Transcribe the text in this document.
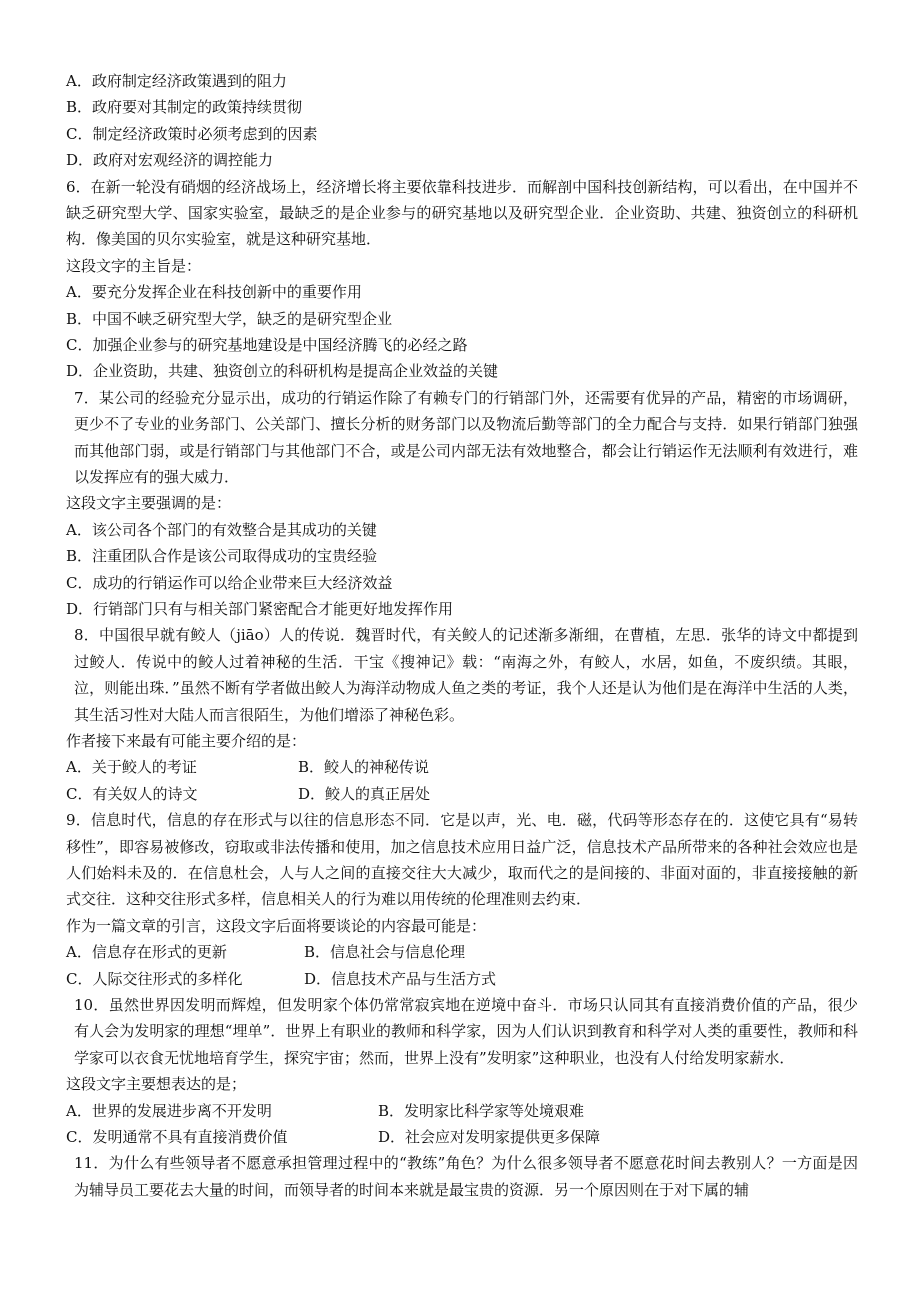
A．政府制定经济政策遇到的阻力
B．政府要对其制定的政策持续贯彻
C．制定经济政策时必须考虑到的因素
D．政府对宏观经济的调控能力
6．在新一轮没有硝烟的经济战场上，经济增长将主要依靠科技进步．而解剖中国科技创新结构，可以看出，在中国并不缺乏研究型大学、国家实验室，最缺乏的是企业参与的研究基地以及研究型企业．企业资助、共建、独资创立的科研机构．像美国的贝尔实验室，就是这种研究基地．
这段文字的主旨是：
A．要充分发挥企业在科技创新中的重要作用
B．中国不峡乏研究型大学，缺乏的是研究型企业
C．加强企业参与的研究基地建设是中国经济腾飞的必经之路
D．企业资助，共建、独资创立的科研机构是提高企业效益的关键
7．某公司的经验充分显示出，成功的行销运作除了有赖专门的行销部门外，还需要有优异的产品，精密的市场调研，更少不了专业的业务部门、公关部门、擅长分析的财务部门以及物流后勤等部门的全力配合与支持．如果行销部门独强而其他部门弱，或是行销部门与其他部门不合，或是公司内部无法有效地整合，都会让行销运作无法顺利有效进行，难以发挥应有的强大威力．
这段文字主要强调的是：
A．该公司各个部门的有效整合是其成功的关键
B．注重团队合作是该公司取得成功的宝贵经验
C．成功的行销运作可以给企业带来巨大经济效益
D．行销部门只有与相关部门紧密配合才能更好地发挥作用
8．中国很早就有鲛人（jiāo）人的传说．魏晋时代，有关鲛人的记述渐多渐细，在曹植，左思．张华的诗文中都提到过鲛人．传说中的鲛人过着神秘的生活．干宝《搜神记》载：“南海之外，有鲛人，水居，如鱼，不废织绩。其眼，泣，则能出珠．”虽然不断有学者做出鲛人为海洋动物成人鱼之类的考证，我个人还是认为他们是在海洋中生活的人类，其生活习性对大陆人而言很陌生，为他们增添了神秘色彩。
作者接下来最有可能主要介绍的是：
A．关于鲛人的考证	B．鲛人的神秘传说
C．有关奴人的诗文	D．鲛人的真正居处
9．信息时代，信息的存在形式与以往的信息形态不同．它是以声，光、电．磁，代码等形态存在的．这使它具有“易转移性”，即容易被修改，窃取或非法传播和使用，加之信息技术应用日益广泛，信息技术产品所带来的各种社会效应也是人们始料未及的．在信息杜会，人与人之间的直接交往大大减少，取而代之的是间接的、非面对面的，非直接接触的新式交往．这种交往形式多样，信息相关人的行为难以用传统的伦理准则去约束．
作为一篇文章的引言，这段文字后面将要谈论的内容最可能是：
A．信息存在形式的更新	B．信息社会与信息伦理
C．人际交往形式的多样化	D．信息技术产品与生活方式
10．虽然世界因发明而辉煌，但发明家个体仍常常寂宾地在逆境中奋斗．市场只认同其有直接消费价值的产品，很少有人会为发明家的理想“埋单”．世界上有职业的教师和科学家，因为人们认识到教育和科学对人类的重要性，教师和科学家可以衣食无忧地培育学生，探究宇宙；然而，世界上没有”发明家”这种职业，也没有人付给发明家薪水．
这段文字主要想表达的是；
A．世界的发展进步离不开发明	B．发明家比科学家等处境艰难
C．发明通常不具有直接消费价值	D．社会应对发明家提供更多保障
11．为什么有些领导者不愿意承担管理过程中的“教练”角色？为什么很多领导者不愿意花时间去教别人？一方面是因为辅导员工要花去大量的时间，而领导者的时间本来就是最宝贵的资源．另一个原因则在于对下属的辅
